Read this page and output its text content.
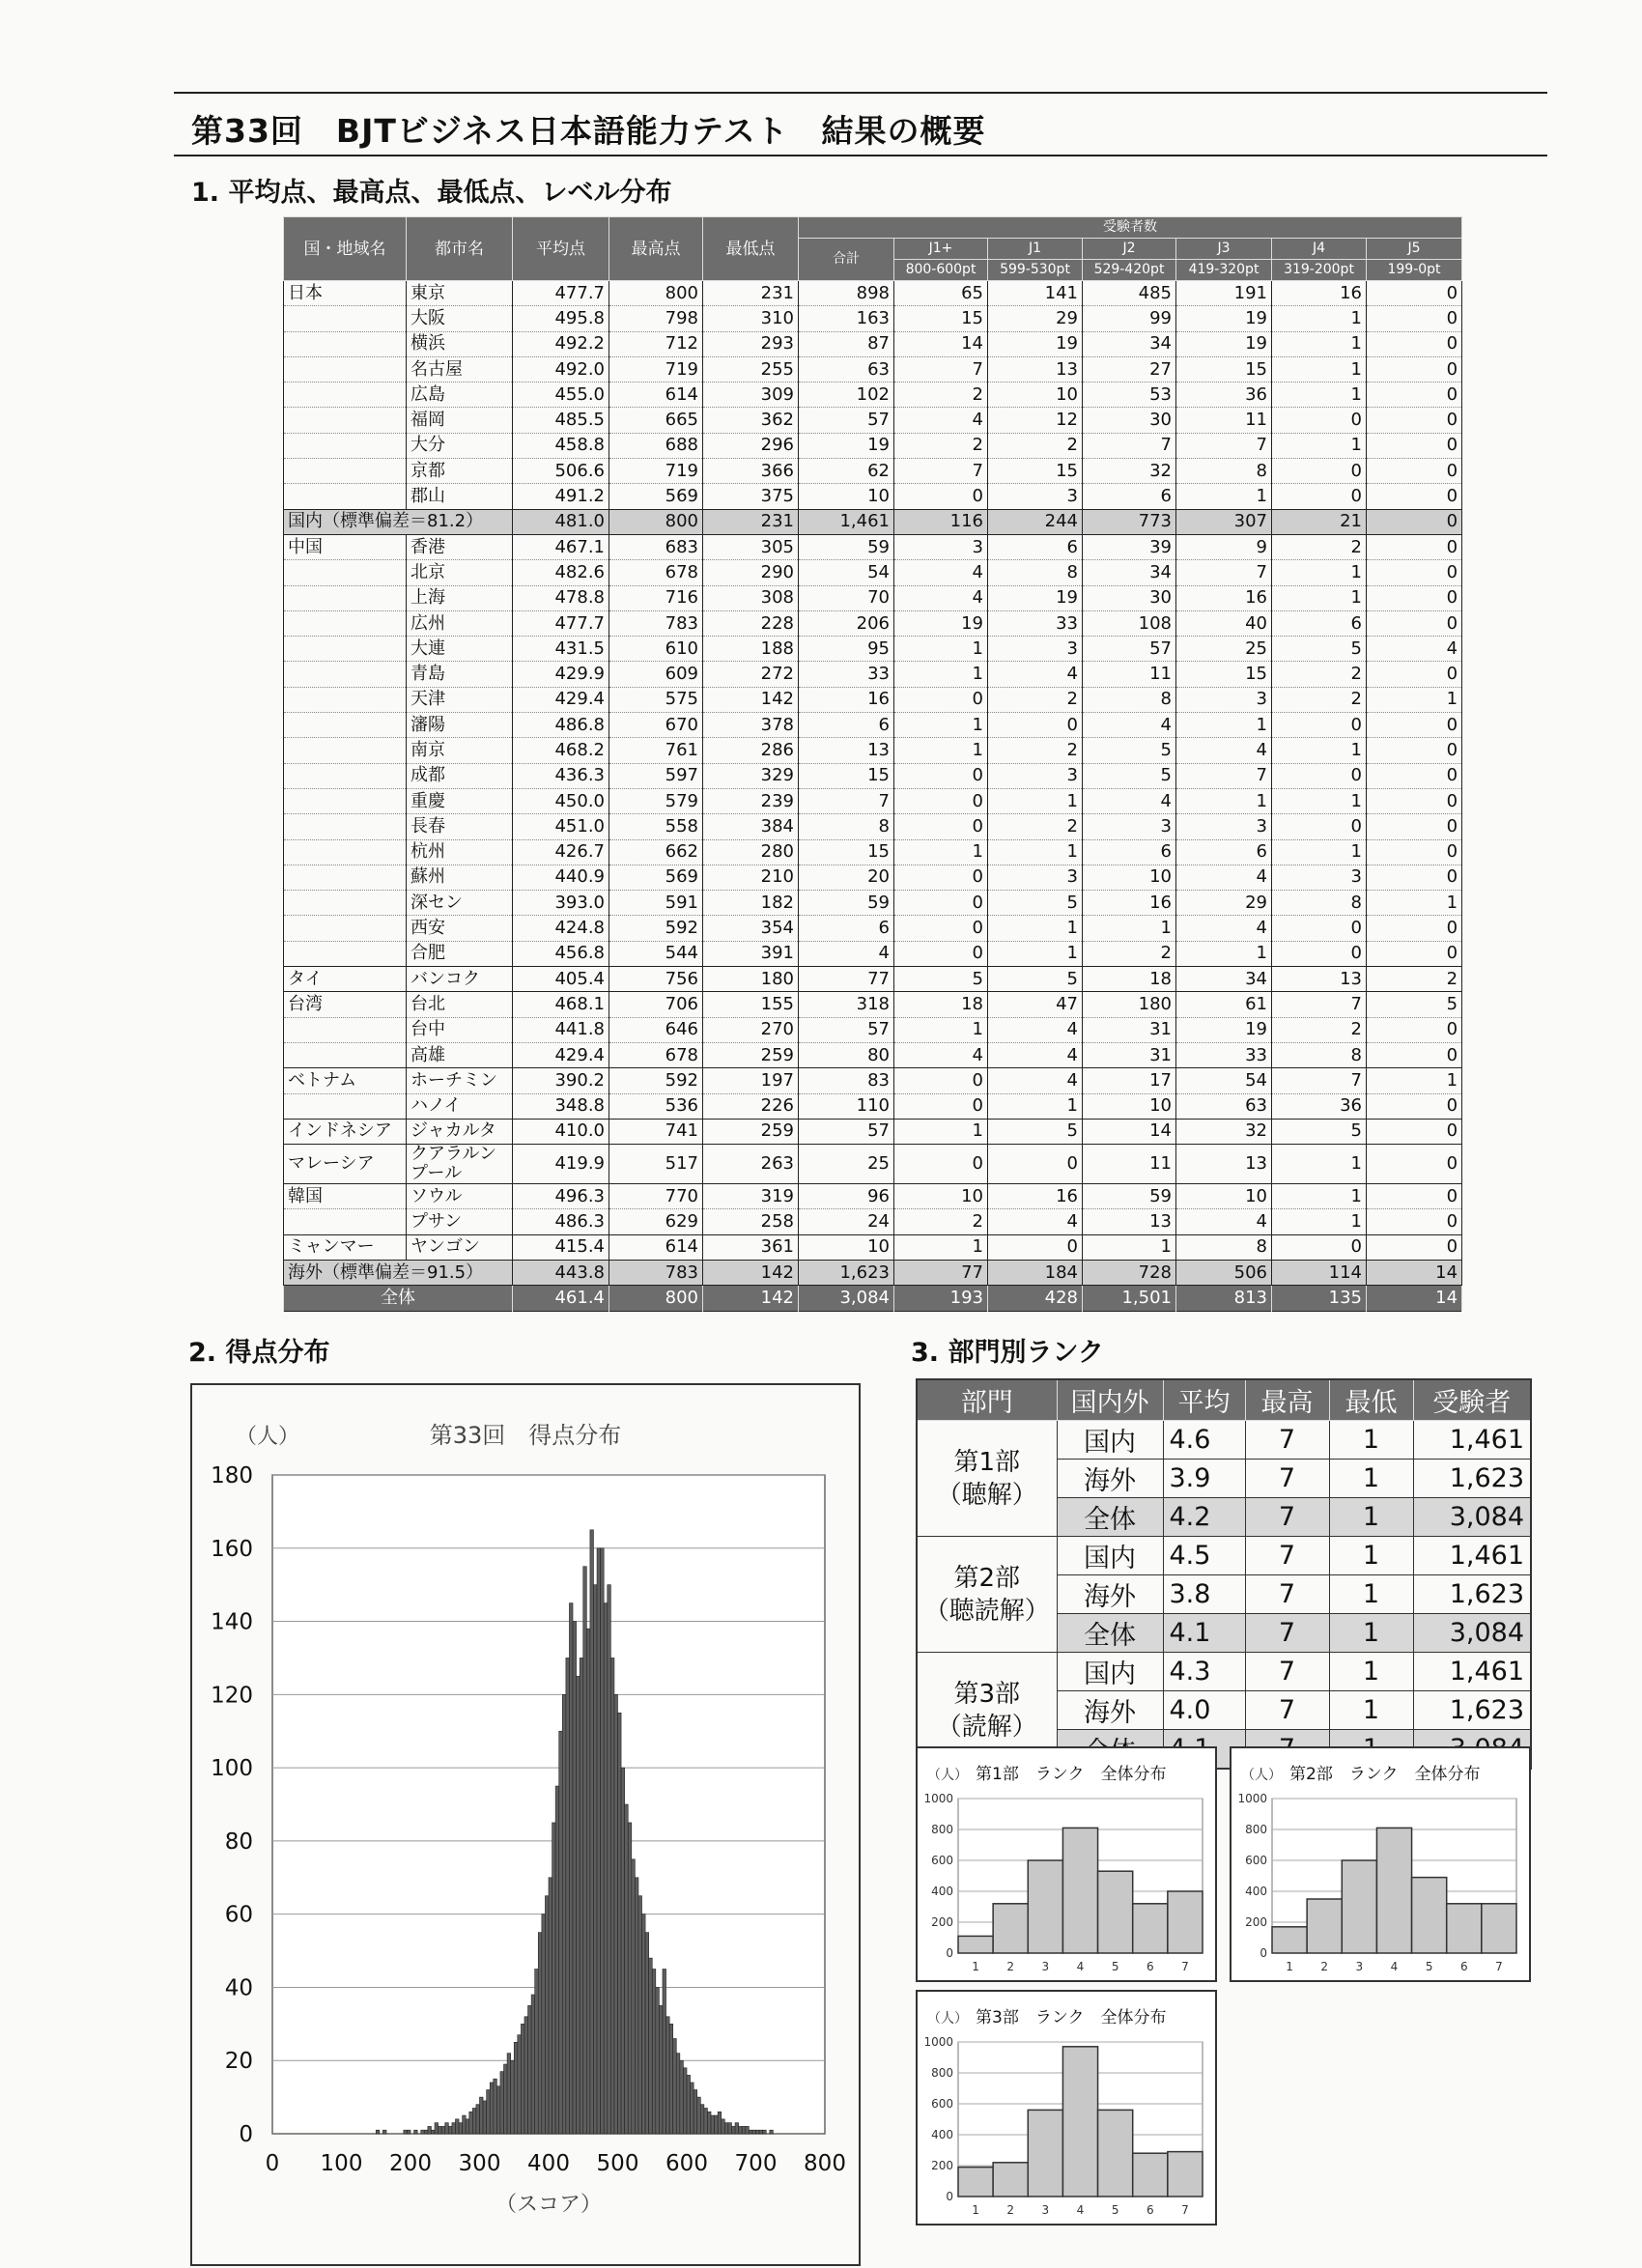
第33回　BJTビジネス日本語能力テスト　結果の概要
1. 平均点、最高点、最低点、レベル分布
国・地域名	都市名	平均点	最高点	最低点	受験者数						
					合計	J1+	J1	J2	J3	J4	J5
						800-600pt	599-530pt	529-420pt	419-320pt	319-200pt	199-0pt
日本	東京	477.7	800	231	898	65	141	485	191	16	0
	大阪	495.8	798	310	163	15	29	99	19	1	0
	横浜	492.2	712	293	87	14	19	34	19	1	0
	名古屋	492.0	719	255	63	7	13	27	15	1	0
	広島	455.0	614	309	102	2	10	53	36	1	0
	福岡	485.5	665	362	57	4	12	30	11	0	0
	大分	458.8	688	296	19	2	2	7	7	1	0
	京都	506.6	719	366	62	7	15	32	8	0	0
	郡山	491.2	569	375	10	0	3	6	1	0	0
国内（標準偏差＝81.2）		481.0	800	231	1,461	116	244	773	307	21	0
中国	香港	467.1	683	305	59	3	6	39	9	2	0
	北京	482.6	678	290	54	4	8	34	7	1	0
	上海	478.8	716	308	70	4	19	30	16	1	0
	広州	477.7	783	228	206	19	33	108	40	6	0
	大連	431.5	610	188	95	1	3	57	25	5	4
	青島	429.9	609	272	33	1	4	11	15	2	0
	天津	429.4	575	142	16	0	2	8	3	2	1
	瀋陽	486.8	670	378	6	1	0	4	1	0	0
	南京	468.2	761	286	13	1	2	5	4	1	0
	成都	436.3	597	329	15	0	3	5	7	0	0
	重慶	450.0	579	239	7	0	1	4	1	1	0
	長春	451.0	558	384	8	0	2	3	3	0	0
	杭州	426.7	662	280	15	1	1	6	6	1	0
	蘇州	440.9	569	210	20	0	3	10	4	3	0
	深セン	393.0	591	182	59	0	5	16	29	8	1
	西安	424.8	592	354	6	0	1	1	4	0	0
	合肥	456.8	544	391	4	0	1	2	1	0	0
タイ	バンコク	405.4	756	180	77	5	5	18	34	13	2
台湾	台北	468.1	706	155	318	18	47	180	61	7	5
	台中	441.8	646	270	57	1	4	31	19	2	0
	高雄	429.4	678	259	80	4	4	31	33	8	0
ベトナム	ホーチミン	390.2	592	197	83	0	4	17	54	7	1
	ハノイ	348.8	536	226	110	0	1	10	63	36	0
インドネシア	ジャカルタ	410.0	741	259	57	1	5	14	32	5	0
マレーシア	クアラルンプール	419.9	517	263	25	0	0	11	13	1	0
韓国	ソウル	496.3	770	319	96	10	16	59	10	1	0
	プサン	486.3	629	258	24	2	4	13	4	1	0
ミャンマー	ヤンゴン	415.4	614	361	10	1	0	1	8	0	0
海外（標準偏差＝91.5）		443.8	783	142	1,623	77	184	728	506	114	14
全体		461.4	800	142	3,084	193	428	1,501	813	135	14
2. 得点分布	3. 部門別ランク
（人）	第33回　得点分布
0
20
40
60
80
100
120
140
160
180
0 100 200 300 400 500 600 700 800
（スコア）
部門	国内外	平均	最高	最低	受験者

第1部
（聴解）	国内	4.6	7	1	1,461
	海外	3.9	7	1	1,623
	全体	4.2	7	1	3,084

第2部
（聴読解）	国内	4.5	7	1	1,461
	海外	3.8	7	1	1,623
	全体	4.1	7	1	3,084

第3部
（読解）	国内	4.3	7	1	1,461
	海外	4.0	7	1	1,623

（人） 第1部　ランク　全体分布
0
200
400
600
800
1000
1 2 3 4 5 6 7
（人） 第2部　ランク　全体分布
0
200
400
600
800
1000
1 2 3 4 5 6 7
（人） 第3部　ランク　全体分布
0
200
400
600
800
1000
1 2 3 4 5 6 7
